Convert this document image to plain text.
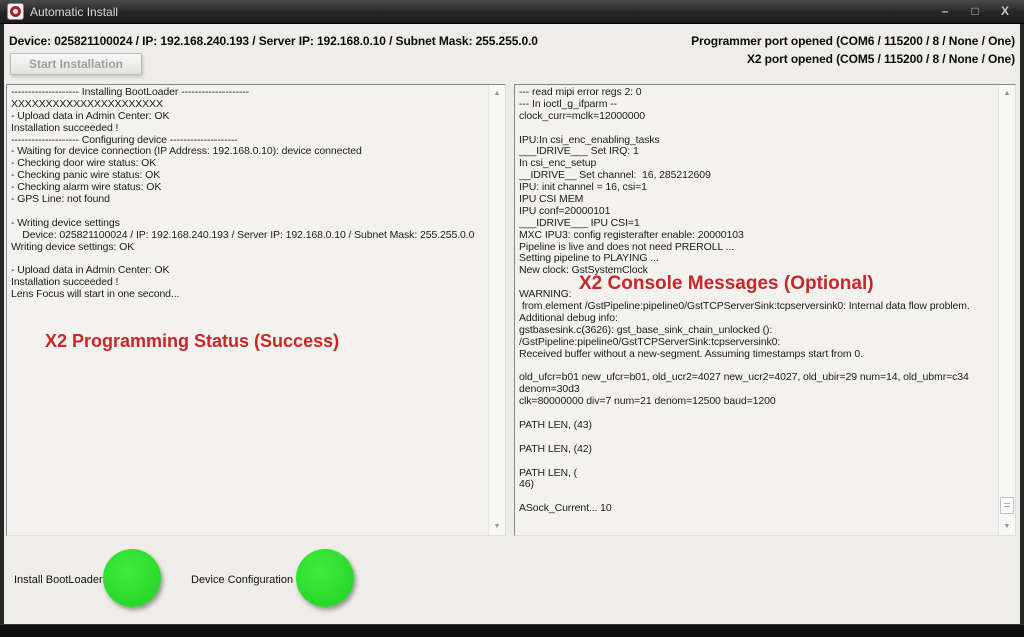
Automatic Install	–	□ X
Device: 025821100024 / IP: 192.168.240.193 / Server IP: 192.168.0.10 / Subnet Mask: 255.255.0.0	Programmer port opened (COM6 / 115200 / 8 / None / One)
X2 port opened (COM5 / 115200 / 8 / None / One)
Start Installation
-------------------- Installing BootLoader --------------------
XXXXXXXXXXXXXXXXXXXXXX
- Upload data in Admin Center: OK
Installation succeeded !
-------------------- Configuring device --------------------
- Waiting for device connection (IP Address: 192.168.0.10): device connected
- Checking door wire status: OK
- Checking panic wire status: OK
- Checking alarm wire status: OK
- GPS Line: not found

- Writing device settings
Device: 025821100024 / IP: 192.168.240.193 / Server IP: 192.168.0.10 / Subnet Mask: 255.255.0.0
Writing device settings: OK

- Upload data in Admin Center: OK
Installation succeeded !
Lens Focus will start in one second...
X2 Programming Status (Success)
▲
▼
--- read mipi error regs 2: 0
--- In ioctl_g_ifparm --
clock_curr=mclk=12000000

IPU:In csi_enc_enabling_tasks
___IDRIVE___ Set IRQ: 1
In csi_enc_setup
__IDRIVE__ Set channel:  16, 285212609
IPU: init channel = 16, csi=1
IPU CSI MEM
IPU conf=20000101
___IDRIVE___ IPU CSI=1
MXC IPU3: config registerafter enable: 20000103
Pipeline is live and does not need PREROLL ...
Setting pipeline to PLAYING ...
New clock: GstSystemClock

WARNING:
from element /GstPipeline:pipeline0/GstTCPServerSink:tcpserversink0: Internal data flow problem.
Additional debug info:
gstbasesink.c(3626): gst_base_sink_chain_unlocked ():
/GstPipeline:pipeline0/GstTCPServerSink:tcpserversink0:
Received buffer without a new-segment. Assuming timestamps start from 0.

old_ufcr=b01 new_ufcr=b01, old_ucr2=4027 new_ucr2=4027, old_ubir=29 num=14, old_ubmr=c34
denom=30d3
clk=80000000 div=7 num=21 denom=12500 baud=1200

PATH LEN, (43)

PATH LEN, (42)

PATH LEN, (
46)

ASock_Current... 10
X2 Console Messages (Optional)
▲
▼
Install BootLoader	Device Configuration
